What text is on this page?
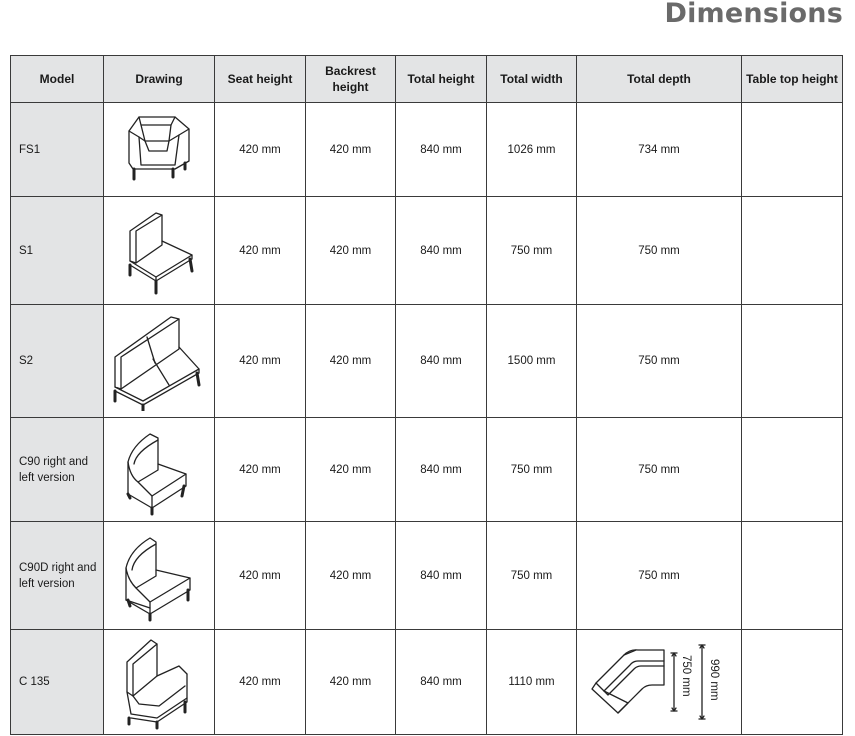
Dimensions
Model	Drawing	Seat height	Backrest height	Total height	Total width	Total depth	Table top height
FS1		420 mm	420 mm	840 mm	1026 mm	734 mm	
S1		420 mm	420 mm	840 mm	750 mm	750 mm	
S2		420 mm	420 mm	840 mm	1500 mm	750 mm	
C90 right and left version		420 mm	420 mm	840 mm	750 mm	750 mm	
C90D right and left version		420 mm	420 mm	840 mm	750 mm	750 mm	
C 135		420 mm	420 mm	840 mm	1110 mm	750 mm 990 mm	
